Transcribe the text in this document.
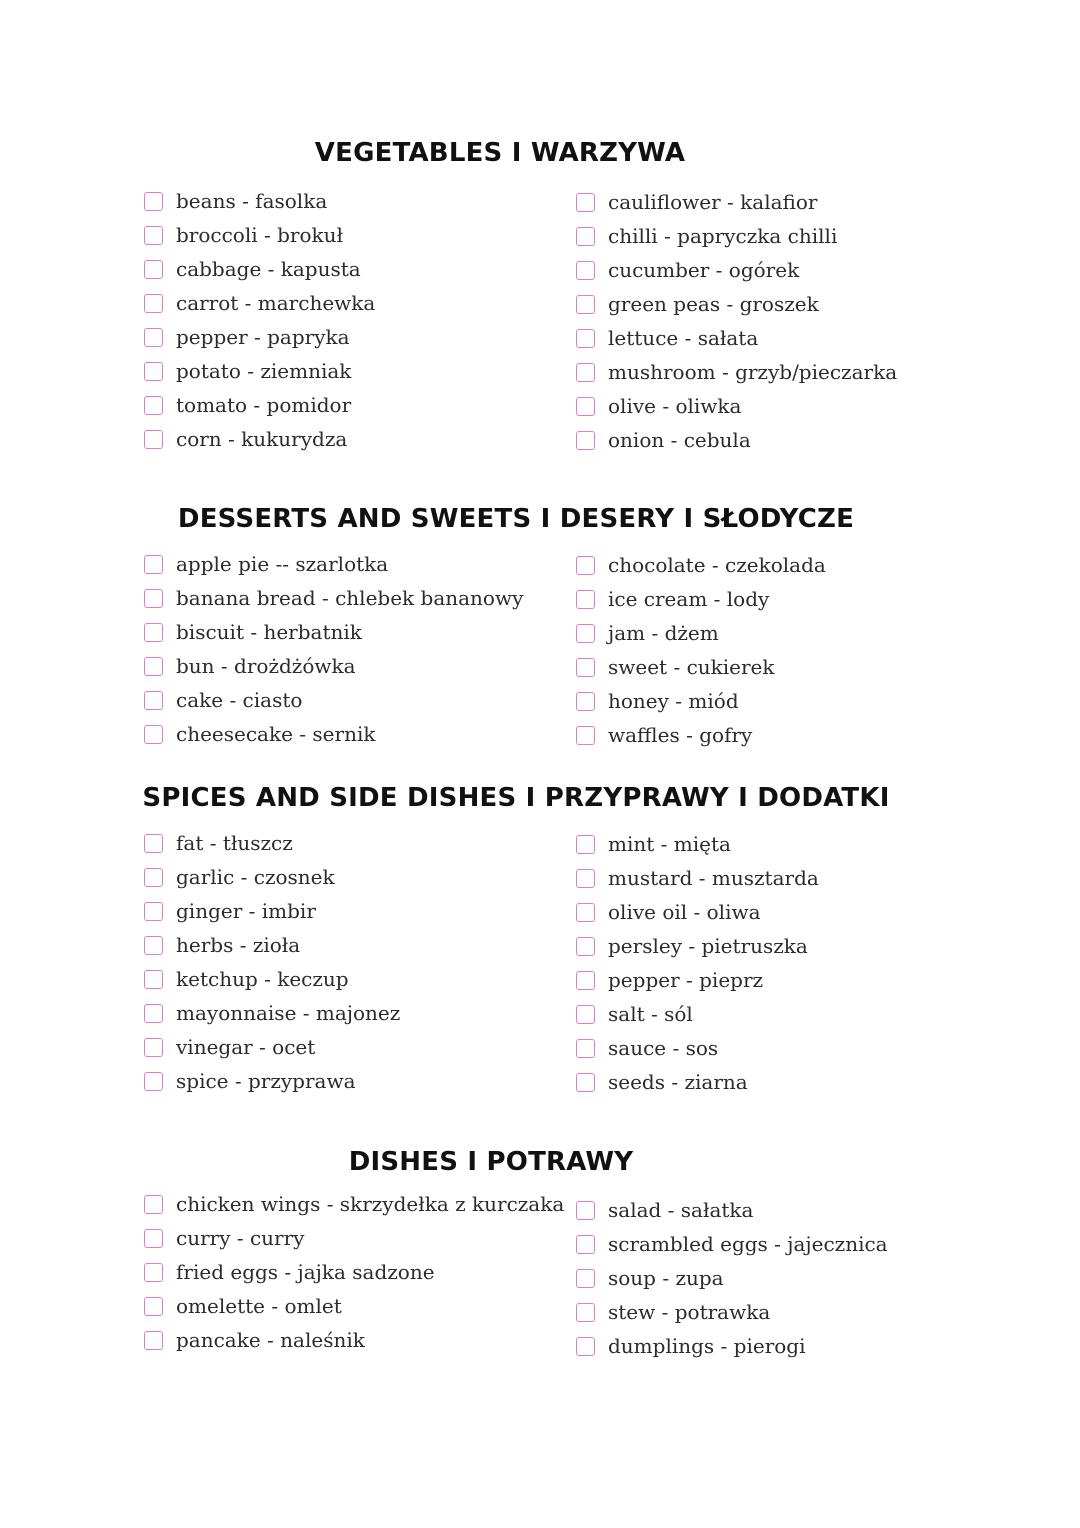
VEGETABLES I WARZYWA
beans - fasolka
broccoli - brokuł
cabbage - kapusta
carrot - marchewka
pepper - papryka
potato - ziemniak
tomato - pomidor
corn - kukurydza
cauliflower - kalafior
chilli - papryczka chilli
cucumber - ogórek
green peas - groszek
lettuce - sałata
mushroom - grzyb/pieczarka
olive - oliwka
onion - cebula
DESSERTS AND SWEETS I DESERY I SŁODYCZE
apple pie -- szarlotka
banana bread - chlebek bananowy
biscuit - herbatnik
bun - drożdżówka
cake - ciasto
cheesecake - sernik
chocolate - czekolada
ice cream - lody
jam - dżem
sweet - cukierek
honey - miód
waffles - gofry
SPICES AND SIDE DISHES I PRZYPRAWY I DODATKI
fat - tłuszcz
garlic - czosnek
ginger - imbir
herbs - zioła
ketchup - keczup
mayonnaise - majonez
vinegar - ocet
spice - przyprawa
mint - mięta
mustard - musztarda
olive oil - oliwa
persley - pietruszka
pepper - pieprz
salt - sól
sauce - sos
seeds - ziarna
DISHES I POTRAWY
chicken wings - skrzydełka z kurczaka
curry - curry
fried eggs - jajka sadzone
omelette - omlet
pancake - naleśnik
salad - sałatka
scrambled eggs - jajecznica
soup - zupa
stew - potrawka
dumplings - pierogi
